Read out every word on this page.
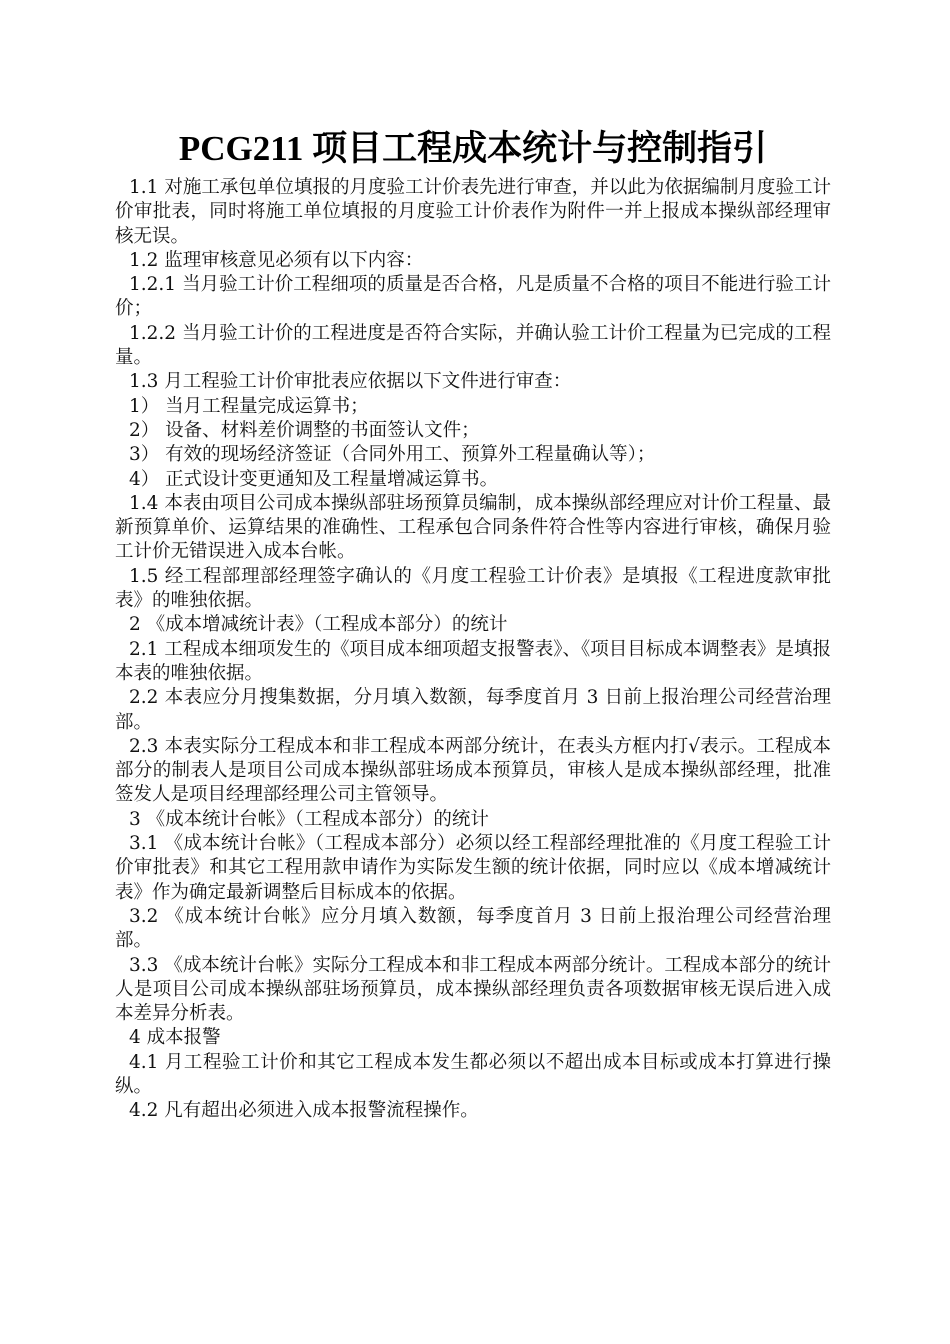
PCG211 项目工程成本统计与控制指引

1.1 对施工承包单位填报的月度验工计价表先进行审查，并以此为依据编制月度验工计价审批表，同时将施工单位填报的月度验工计价表作为附件一并上报成本操纵部经理审核无误。

1.2 监理审核意见必须有以下内容：

1.2.1 当月验工计价工程细项的质量是否合格，凡是质量不合格的项目不能进行验工计价；

1.2.2 当月验工计价的工程进度是否符合实际，并确认验工计价工程量为已完成的工程量。

1.3 月工程验工计价审批表应依据以下文件进行审查：

1） 当月工程量完成运算书；

2） 设备、材料差价调整的书面签认文件；

3） 有效的现场经济签证（合同外用工、预算外工程量确认等）；

4） 正式设计变更通知及工程量增减运算书。

1.4 本表由项目公司成本操纵部驻场预算员编制，成本操纵部经理应对计价工程量、最新预算单价、运算结果的准确性、工程承包合同条件符合性等内容进行审核，确保月验工计价无错误进入成本台帐。

1.5 经工程部理部经理签字确认的《月度工程验工计价表》是填报《工程进度款审批表》的唯独依据。

2 《成本增减统计表》（工程成本部分）的统计

2.1 工程成本细项发生的《项目成本细项超支报警表》、《项目目标成本调整表》是填报本表的唯独依据。

2.2 本表应分月搜集数据，分月填入数额，每季度首月 3 日前上报治理公司经营治理部。

2.3 本表实际分工程成本和非工程成本两部分统计，在表头方框内打√表示。工程成本部分的制表人是项目公司成本操纵部驻场成本预算员，审核人是成本操纵部经理，批准签发人是项目经理部经理公司主管领导。

3 《成本统计台帐》（工程成本部分）的统计

3.1 《成本统计台帐》（工程成本部分）必须以经工程部经理批准的《月度工程验工计价审批表》和其它工程用款申请作为实际发生额的统计依据，同时应以《成本增减统计表》作为确定最新调整后目标成本的依据。

3.2 《成本统计台帐》应分月填入数额，每季度首月 3 日前上报治理公司经营治理部。

3.3 《成本统计台帐》实际分工程成本和非工程成本两部分统计。工程成本部分的统计人是项目公司成本操纵部驻场预算员，成本操纵部经理负责各项数据审核无误后进入成本差异分析表。

4 成本报警

4.1 月工程验工计价和其它工程成本发生都必须以不超出成本目标或成本打算进行操纵。

4.2 凡有超出必须进入成本报警流程操作。
